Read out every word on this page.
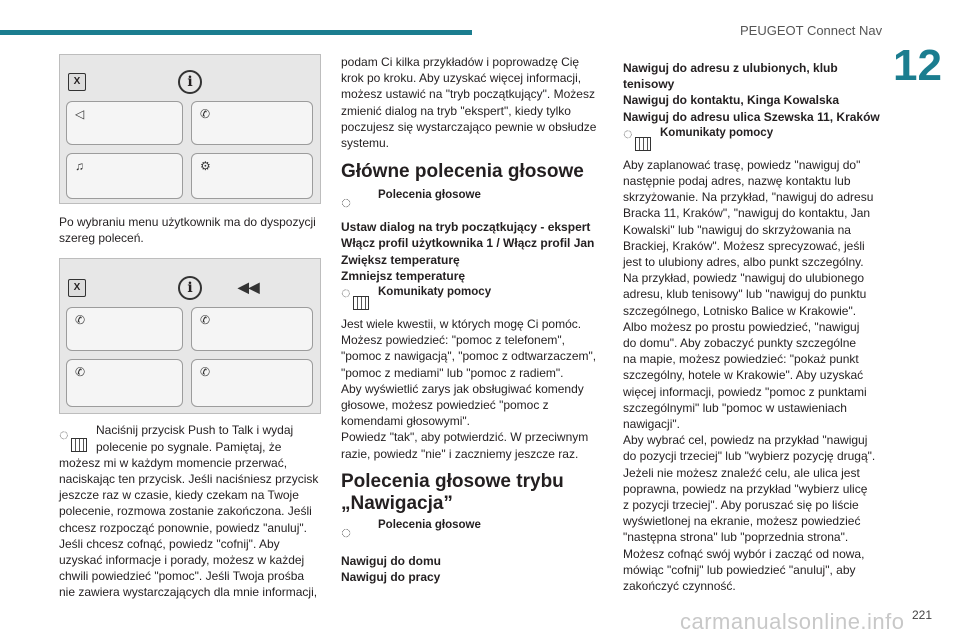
PEUGEOT Connect Nav
12
carmanualsonline.info 221
X	i
◁	✆
♫	⚙

Po wybraniu menu użytkownik ma do dyspozycji szereg poleceń.

X	i	◀◀
✆	✆
✆	✆
◌	Naciśnij przycisk Push to Talk i wydaj

polecenie po sygnale. Pamiętaj, że

możesz mi w każdym momencie przerwać,

naciskając ten przycisk. Jeśli naciśniesz przycisk

jeszcze raz w czasie, kiedy czekam na Twoje

polecenie, rozmowa zostanie zakończona. Jeśli

chcesz rozpocząć ponownie, powiedz "anuluj".

Jeśli chcesz cofnąć, powiedz "cofnij". Aby

uzyskać informacje i porady, możesz w każdej

chwili powiedzieć "pomoc". Jeśli Twoja prośba

nie zawiera wystarczających dla mnie informacji,

podam Ci kilka przykładów i poprowadzę Cię

krok po kroku. Aby uzyskać więcej informacji,

możesz ustawić na "tryb początkujący". Możesz

zmienić dialog na tryb "ekspert", kiedy tylko

poczujesz się wystarczająco pewnie w obsłudze

systemu.

Główne polecenia głosowe

◌ Polecenia głosowe

Ustaw dialog na tryb początkujący - ekspert

Włącz profil użytkownika 1 / Włącz profil Jan

Zwiększ temperaturę

Zmniejsz temperaturę

◌ Komunikaty pomocy

Jest wiele kwestii, w których mogę Ci pomóc.

Możesz powiedzieć: "pomoc z telefonem",

"pomoc z nawigacją", "pomoc z odtwarzaczem",

"pomoc z mediami" lub "pomoc z radiem".

Aby wyświetlić zarys jak obsługiwać komendy

głosowe, możesz powiedzieć "pomoc z

komendami głosowymi".

Powiedz "tak", aby potwierdzić. W przeciwnym

razie, powiedz "nie" i zaczniemy jeszcze raz.

Polecenia głosowe trybu

„Nawigacja”

◌ Polecenia głosowe

Nawiguj do domu

Nawiguj do pracy

Nawiguj do adresu z ulubionych, klub

tenisowy

Nawiguj do kontaktu, Kinga Kowalska

Nawiguj do adresu ulica Szewska 11, Kraków

◌ Komunikaty pomocy

Aby zaplanować trasę, powiedz "nawiguj do"

następnie podaj adres, nazwę kontaktu lub

skrzyżowanie. Na przykład, "nawiguj do adresu

Bracka 11, Kraków", "nawiguj do kontaktu, Jan

Kowalski" lub "nawiguj do skrzyżowania na

Brackiej, Kraków". Możesz sprecyzować, jeśli

jest to ulubiony adres, albo punkt szczególny.

Na przykład, powiedz "nawiguj do ulubionego

adresu, klub tenisowy" lub "nawiguj do punktu

szczególnego, Lotnisko Balice w Krakowie".

Albo możesz po prostu powiedzieć, "nawiguj

do domu". Aby zobaczyć punkty szczególne

na mapie, możesz powiedzieć: "pokaż punkt

szczególny, hotele w Krakowie". Aby uzyskać

więcej informacji, powiedz "pomoc z punktami

szczególnymi" lub "pomoc w ustawieniach

nawigacji".

Aby wybrać cel, powiedz na przykład "nawiguj

do pozycji trzeciej" lub "wybierz pozycję drugą".

Jeżeli nie możesz znaleźć celu, ale ulica jest

poprawna, powiedz na przykład "wybierz ulicę

z pozycji trzeciej". Aby poruszać się po liście

wyświetlonej na ekranie, możesz powiedzieć

"następna strona" lub "poprzednia strona".

Możesz cofnąć swój wybór i zacząć od nowa,

mówiąc "cofnij" lub powiedzieć "anuluj", aby

zakończyć czynność.
